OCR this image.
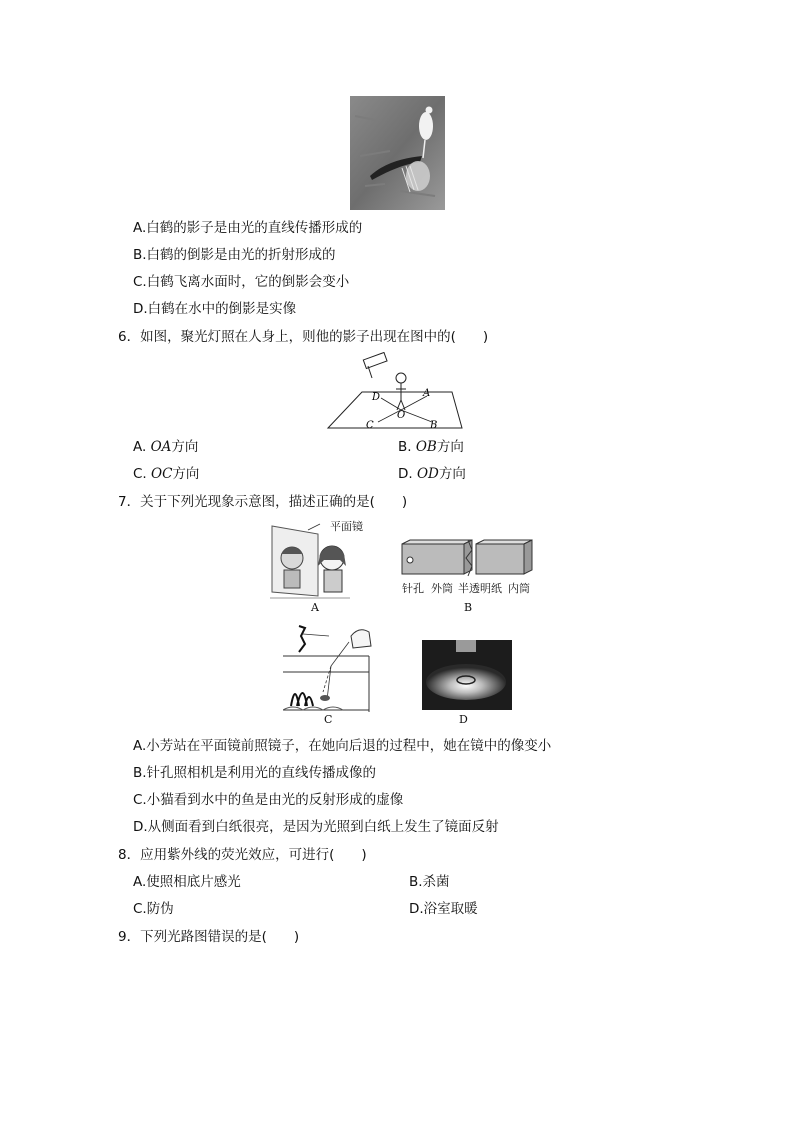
A.白鹤的影子是由光的直线传播形成的
B.白鹤的倒影是由光的折射形成的
C.白鹤飞离水面时，它的倒影会变小
D.白鹤在水中的倒影是实像
6．如图，聚光灯照在人身上，则他的影子出现在图中的(　　)
A
B
C
D
O
A. OA方向	B. OB方向
C. OC方向	D. OD方向
7．关于下列光现象示意图，描述正确的是(　　)
平面镜
A
针孔 外筒 半透明纸 内筒
B
C	D
A.小芳站在平面镜前照镜子，在她向后退的过程中，她在镜中的像变小
B.针孔照相机是利用光的直线传播成像的
C.小猫看到水中的鱼是由光的反射形成的虚像
D.从侧面看到白纸很亮，是因为光照到白纸上发生了镜面反射
8．应用紫外线的荧光效应，可进行(　　)
A.使照相底片感光	B.杀菌
C.防伪	D.浴室取暖
9．下列光路图错误的是(　　)
